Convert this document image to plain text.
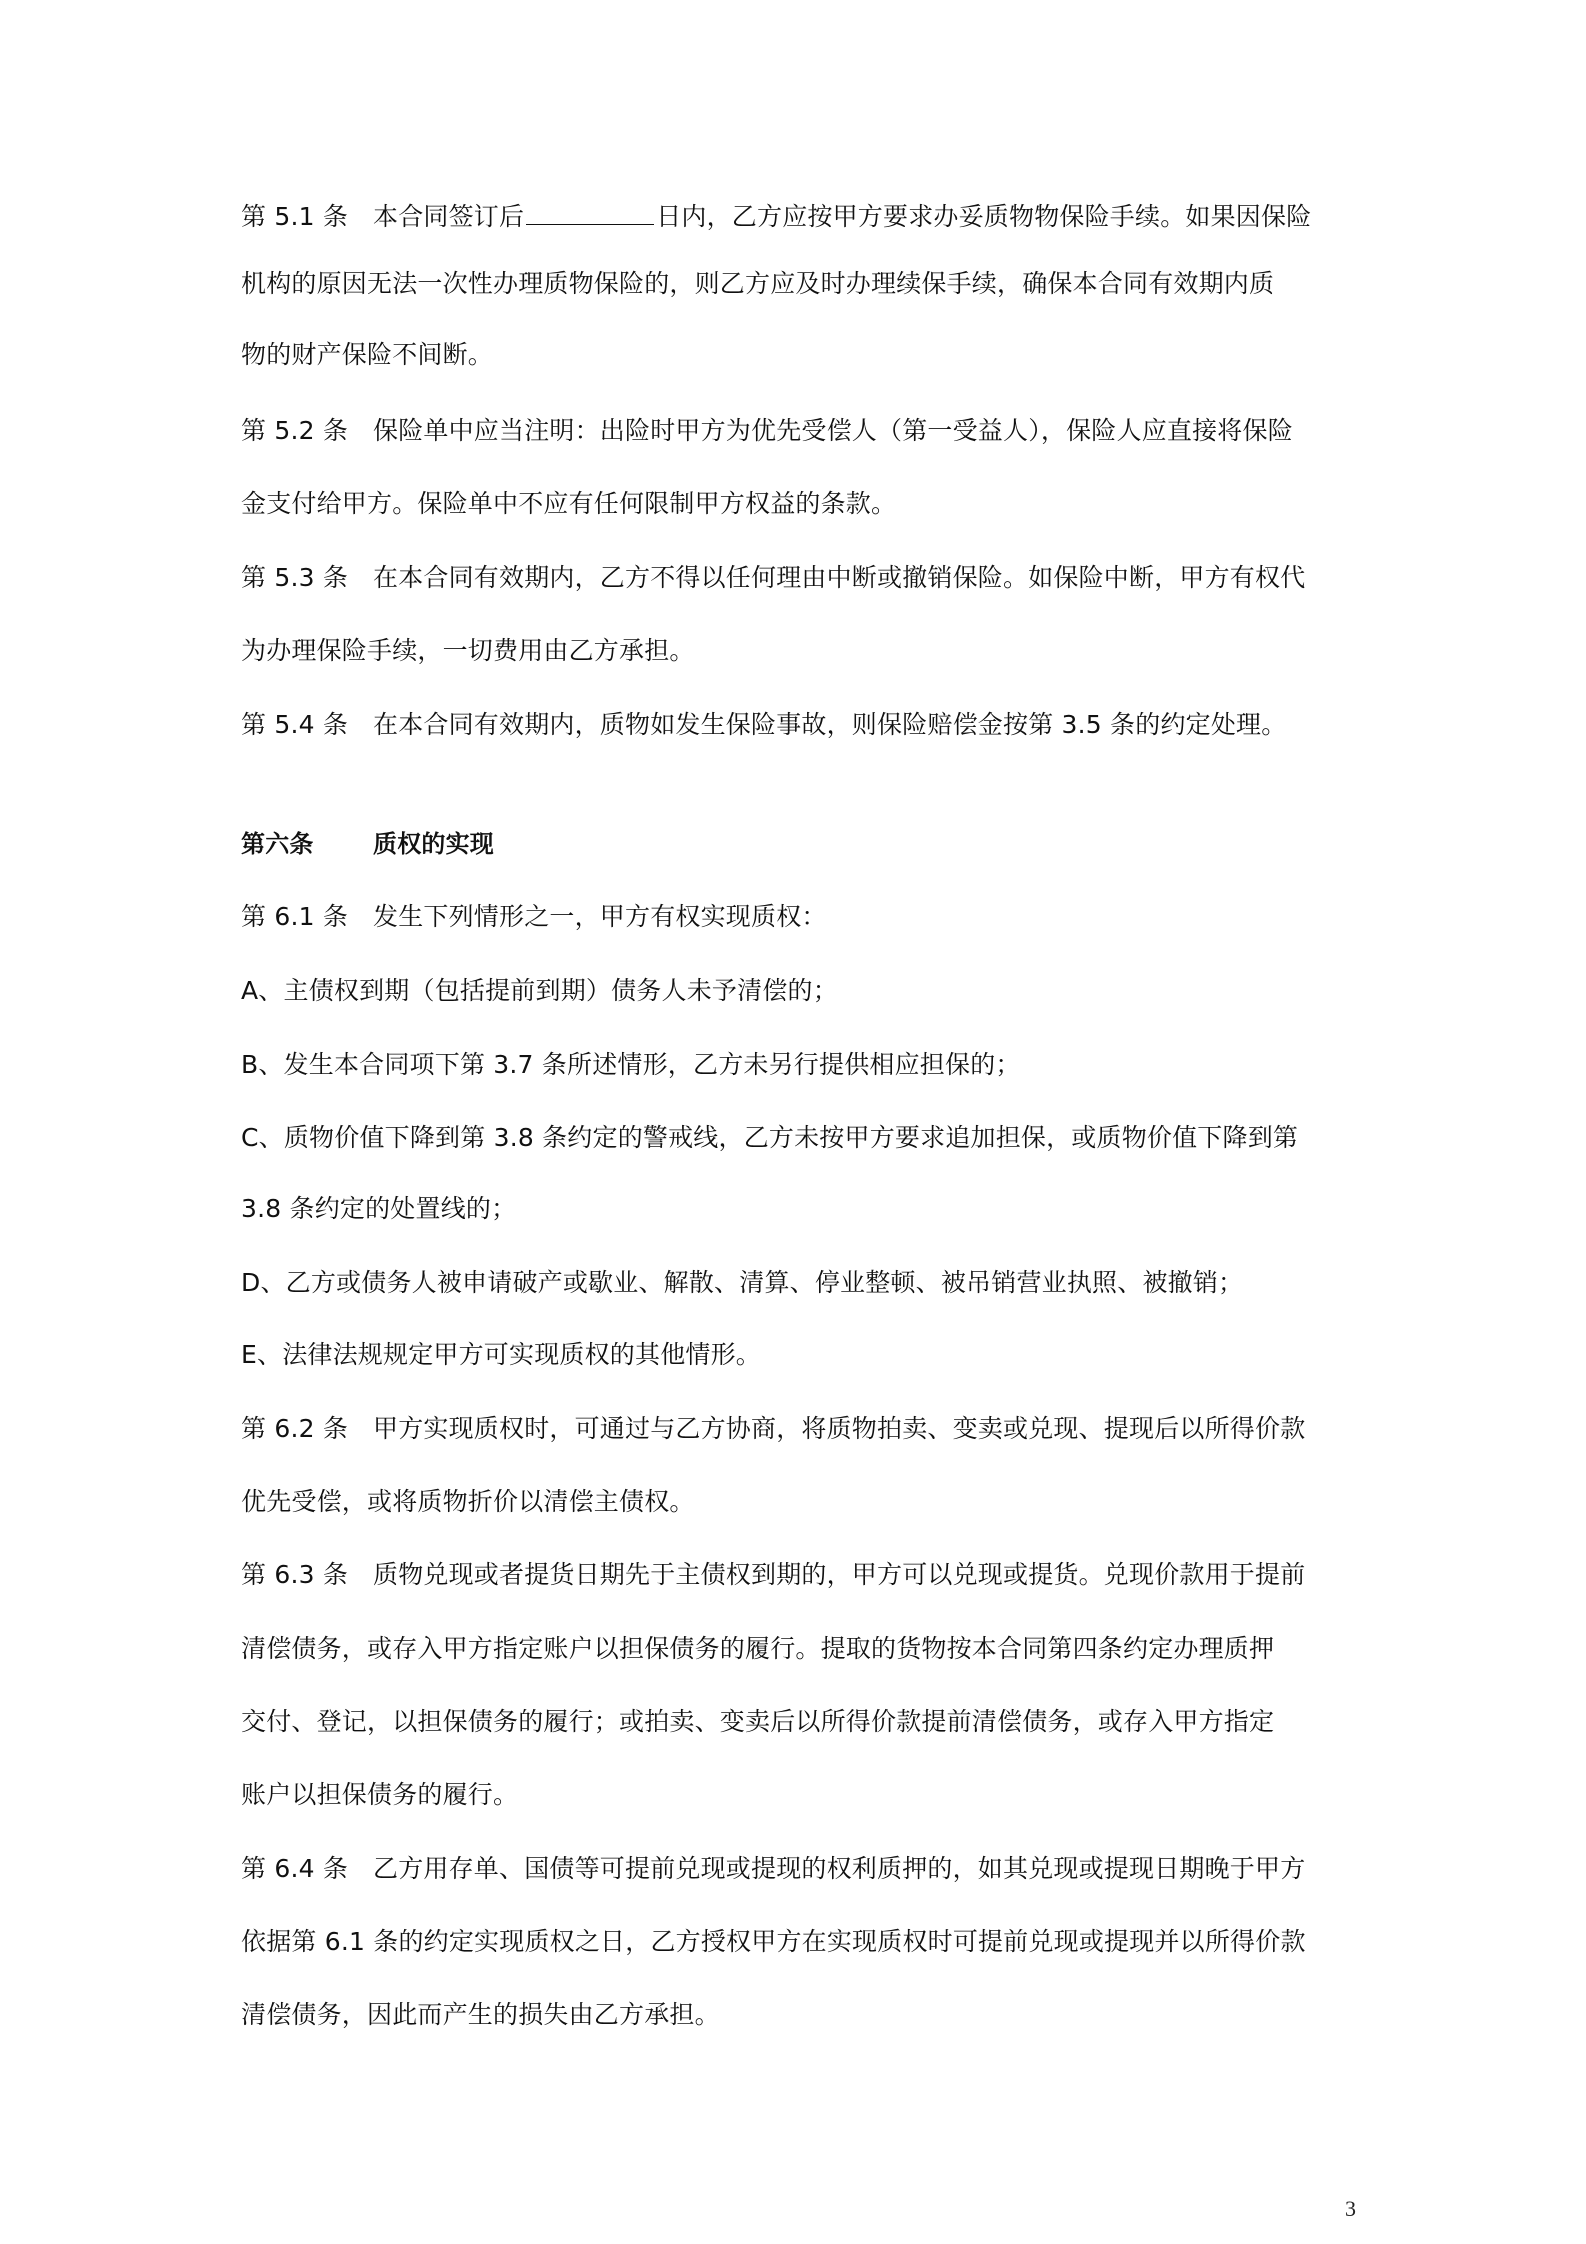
第 5.1 条 本合同签订后	日内，乙方应按甲方要求办妥质物物保险手续。如果因保险
机构的原因无法一次性办理质物保险的，则乙方应及时办理续保手续，确保本合同有效期内质
物的财产保险不间断。
第 5.2 条 保险单中应当注明：出险时甲方为优先受偿人（第一受益人），保险人应直接将保险
金支付给甲方。保险单中不应有任何限制甲方权益的条款。
第 5.3 条 在本合同有效期内，乙方不得以任何理由中断或撤销保险。如保险中断，甲方有权代
为办理保险手续，一切费用由乙方承担。
第 5.4 条 在本合同有效期内，质物如发生保险事故，则保险赔偿金按第 3.5 条的约定处理。
第六条 质权的实现
第 6.1 条 发生下列情形之一，甲方有权实现质权：
A、主债权到期（包括提前到期）债务人未予清偿的；
B、发生本合同项下第 3.7 条所述情形，乙方未另行提供相应担保的；
C、质物价值下降到第 3.8 条约定的警戒线，乙方未按甲方要求追加担保，或质物价值下降到第
3.8 条约定的处置线的；
D、乙方或债务人被申请破产或歇业、解散、清算、停业整顿、被吊销营业执照、被撤销；
E、法律法规规定甲方可实现质权的其他情形。
第 6.2 条 甲方实现质权时，可通过与乙方协商，将质物拍卖、变卖或兑现、提现后以所得价款
优先受偿，或将质物折价以清偿主债权。
第 6.3 条 质物兑现或者提货日期先于主债权到期的，甲方可以兑现或提货。兑现价款用于提前
清偿债务，或存入甲方指定账户以担保债务的履行。提取的货物按本合同第四条约定办理质押
交付、登记，以担保债务的履行；或拍卖、变卖后以所得价款提前清偿债务，或存入甲方指定
账户以担保债务的履行。
第 6.4 条 乙方用存单、国债等可提前兑现或提现的权利质押的，如其兑现或提现日期晚于甲方
依据第 6.1 条的约定实现质权之日，乙方授权甲方在实现质权时可提前兑现或提现并以所得价款
清偿债务，因此而产生的损失由乙方承担。
3
